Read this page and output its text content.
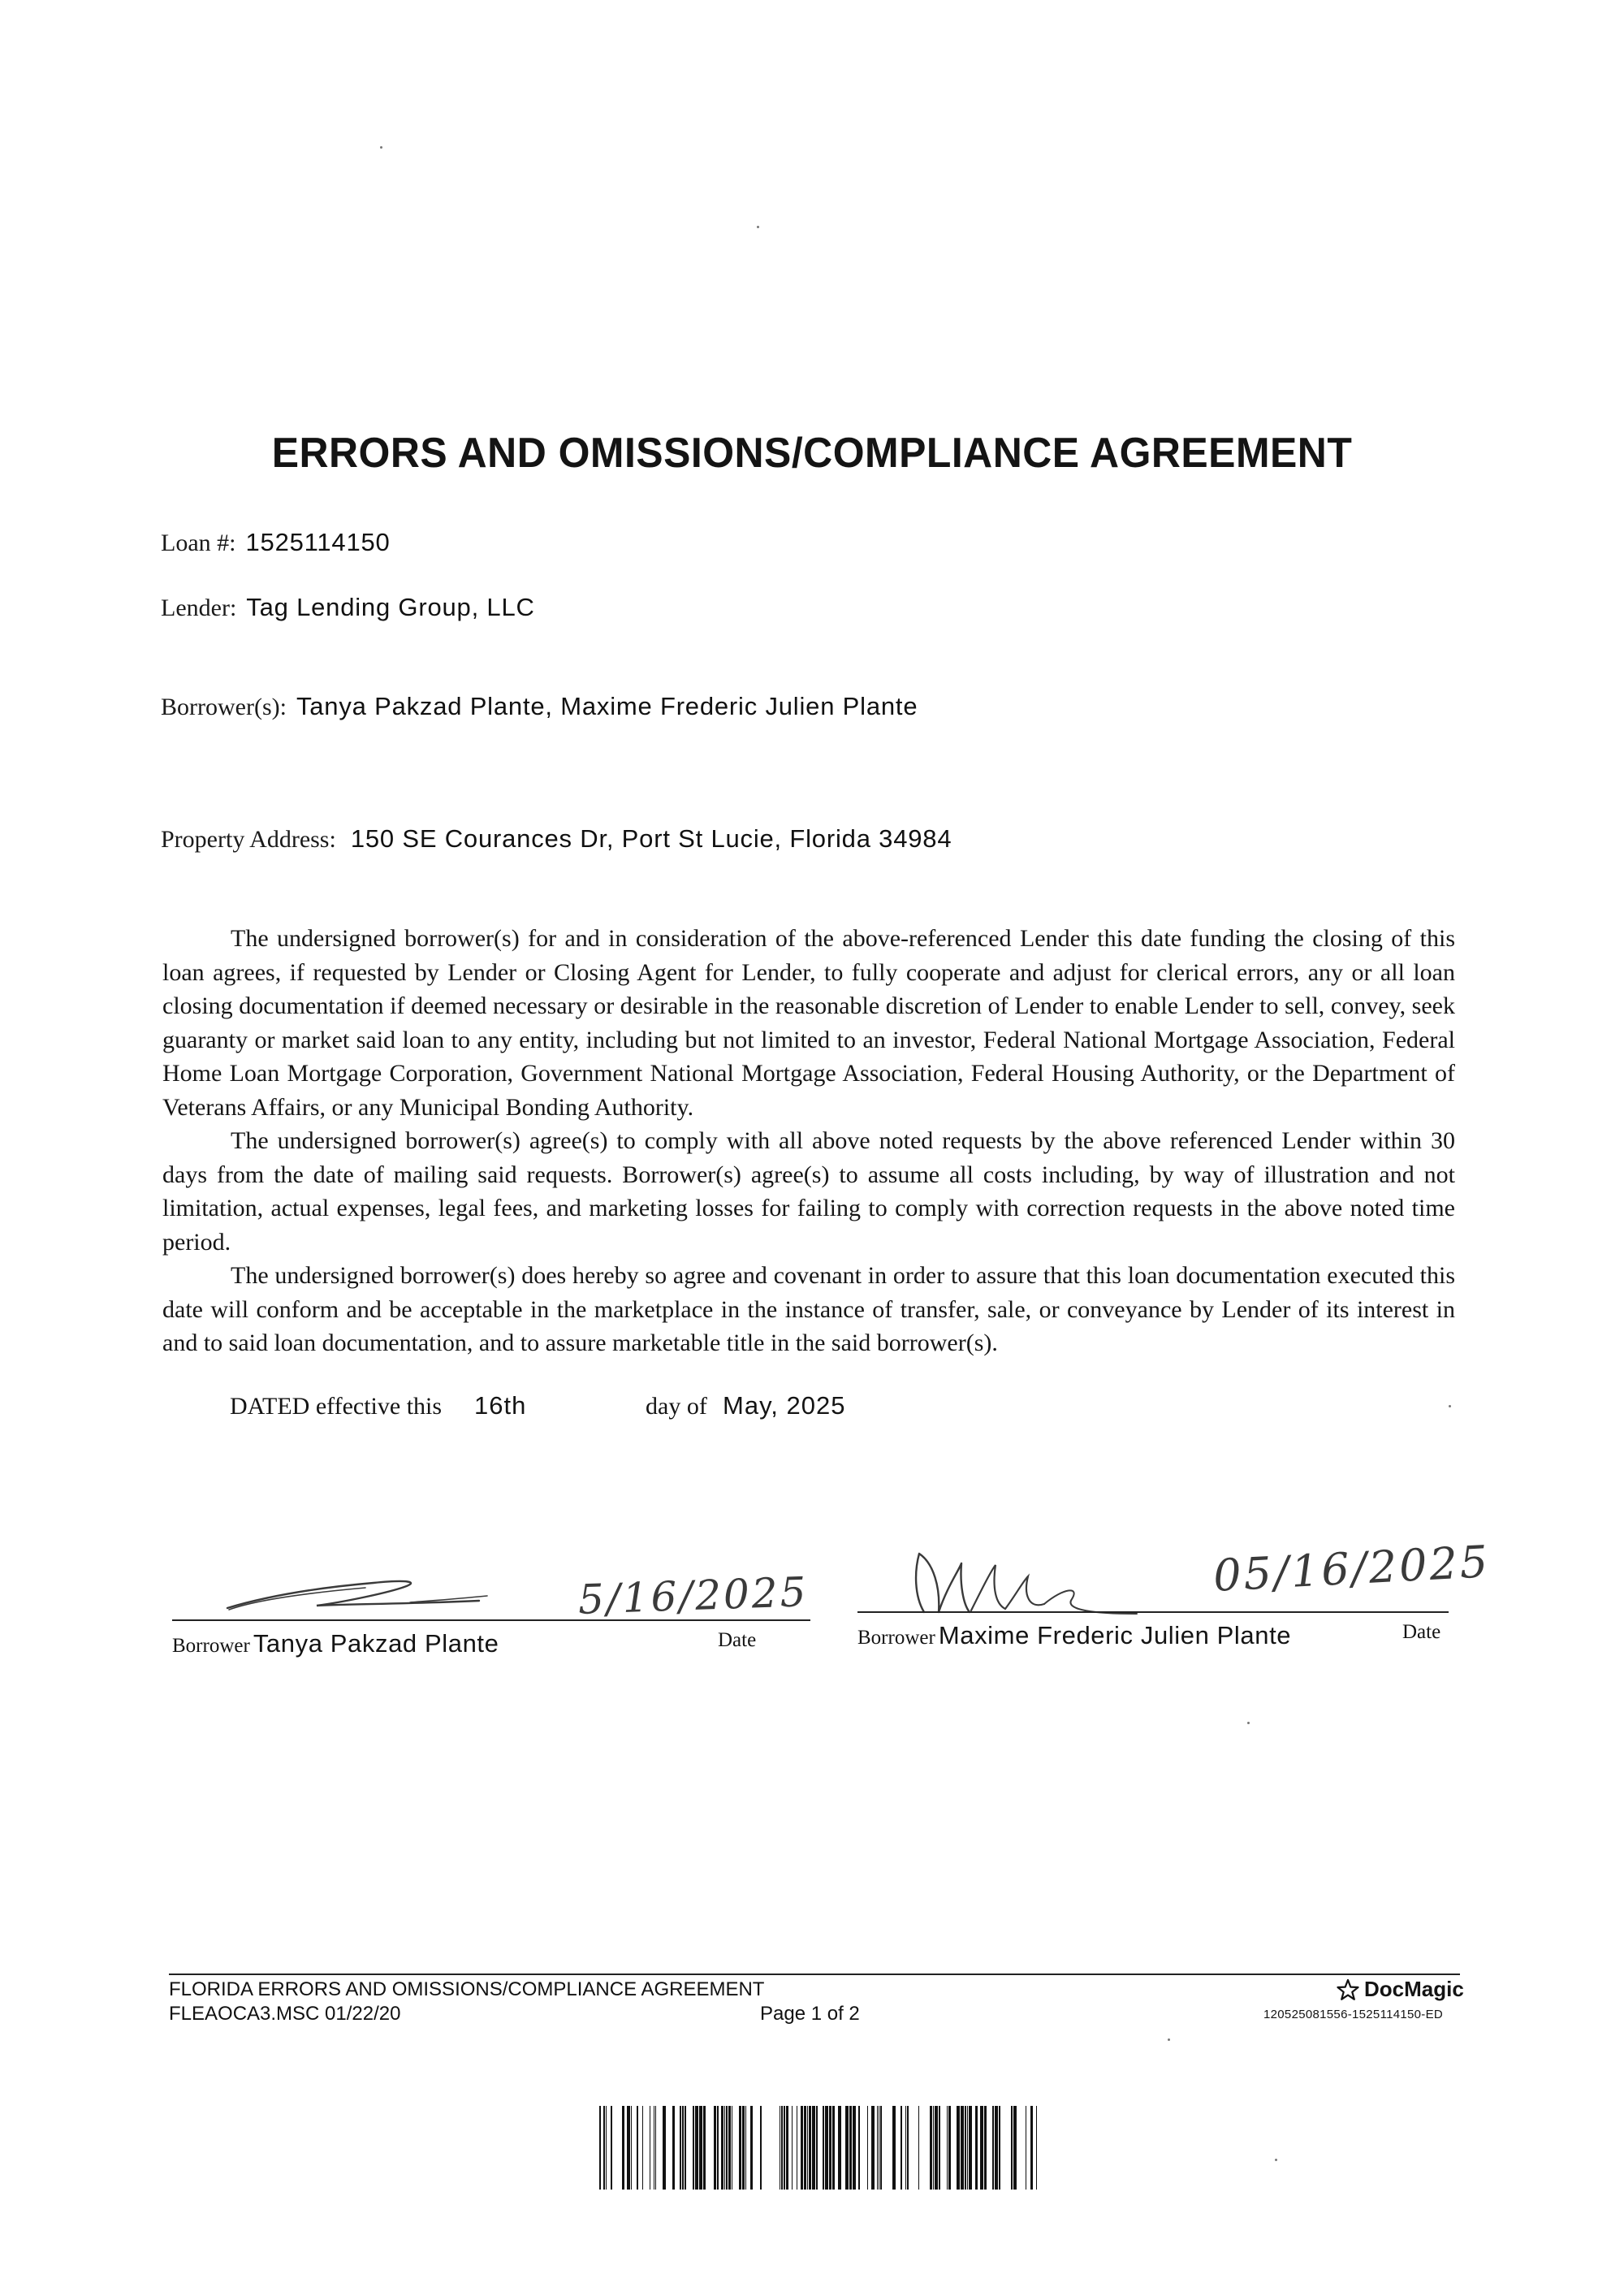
ERRORS AND OMISSIONS/COMPLIANCE AGREEMENT
Loan #: 1525114150
Lender: Tag Lending Group, LLC
Borrower(s): Tanya Pakzad Plante, Maxime Frederic Julien Plante
Property Address: 150 SE Courances Dr, Port St Lucie, Florida 34984

The undersigned borrower(s) for and in consideration of the above-referenced Lender this date funding the closing of this loan agrees, if requested by Lender or Closing Agent for Lender, to fully cooperate and adjust for clerical errors, any or all loan closing documentation if deemed necessary or desirable in the reasonable discretion of Lender to enable Lender to sell, convey, seek guaranty or market said loan to any entity, including but not limited to an investor, Federal National Mortgage Association, Federal Home Loan Mortgage Corporation, Government National Mortgage Association, Federal Housing Authority, or the Department of Veterans Affairs, or any Municipal Bonding Authority.

The undersigned borrower(s) agree(s) to comply with all above noted requests by the above referenced Lender within 30 days from the date of mailing said requests. Borrower(s) agree(s) to assume all costs including, by way of illustration and not limitation, actual expenses, legal fees, and marketing losses for failing to comply with correction requests in the above noted time period.

The undersigned borrower(s) does hereby so agree and covenant in order to assure that this loan documentation executed this date will conform and be acceptable in the marketplace in the instance of transfer, sale, or conveyance by Lender of its interest in and to said loan documentation, and to assure marketable title in the said borrower(s).

DATED effective this 16th	day of May, 2025
5/16/2025
Borrower Tanya Pakzad Plante	Date
05/16/2025
Borrower Maxime Frederic Julien Plante	Date
FLORIDA ERRORS AND OMISSIONS/COMPLIANCE AGREEMENT
FLEAOCA3.MSC 01/22/20	Page 1 of 2
DocMagic
120525081556-1525114150-ED
